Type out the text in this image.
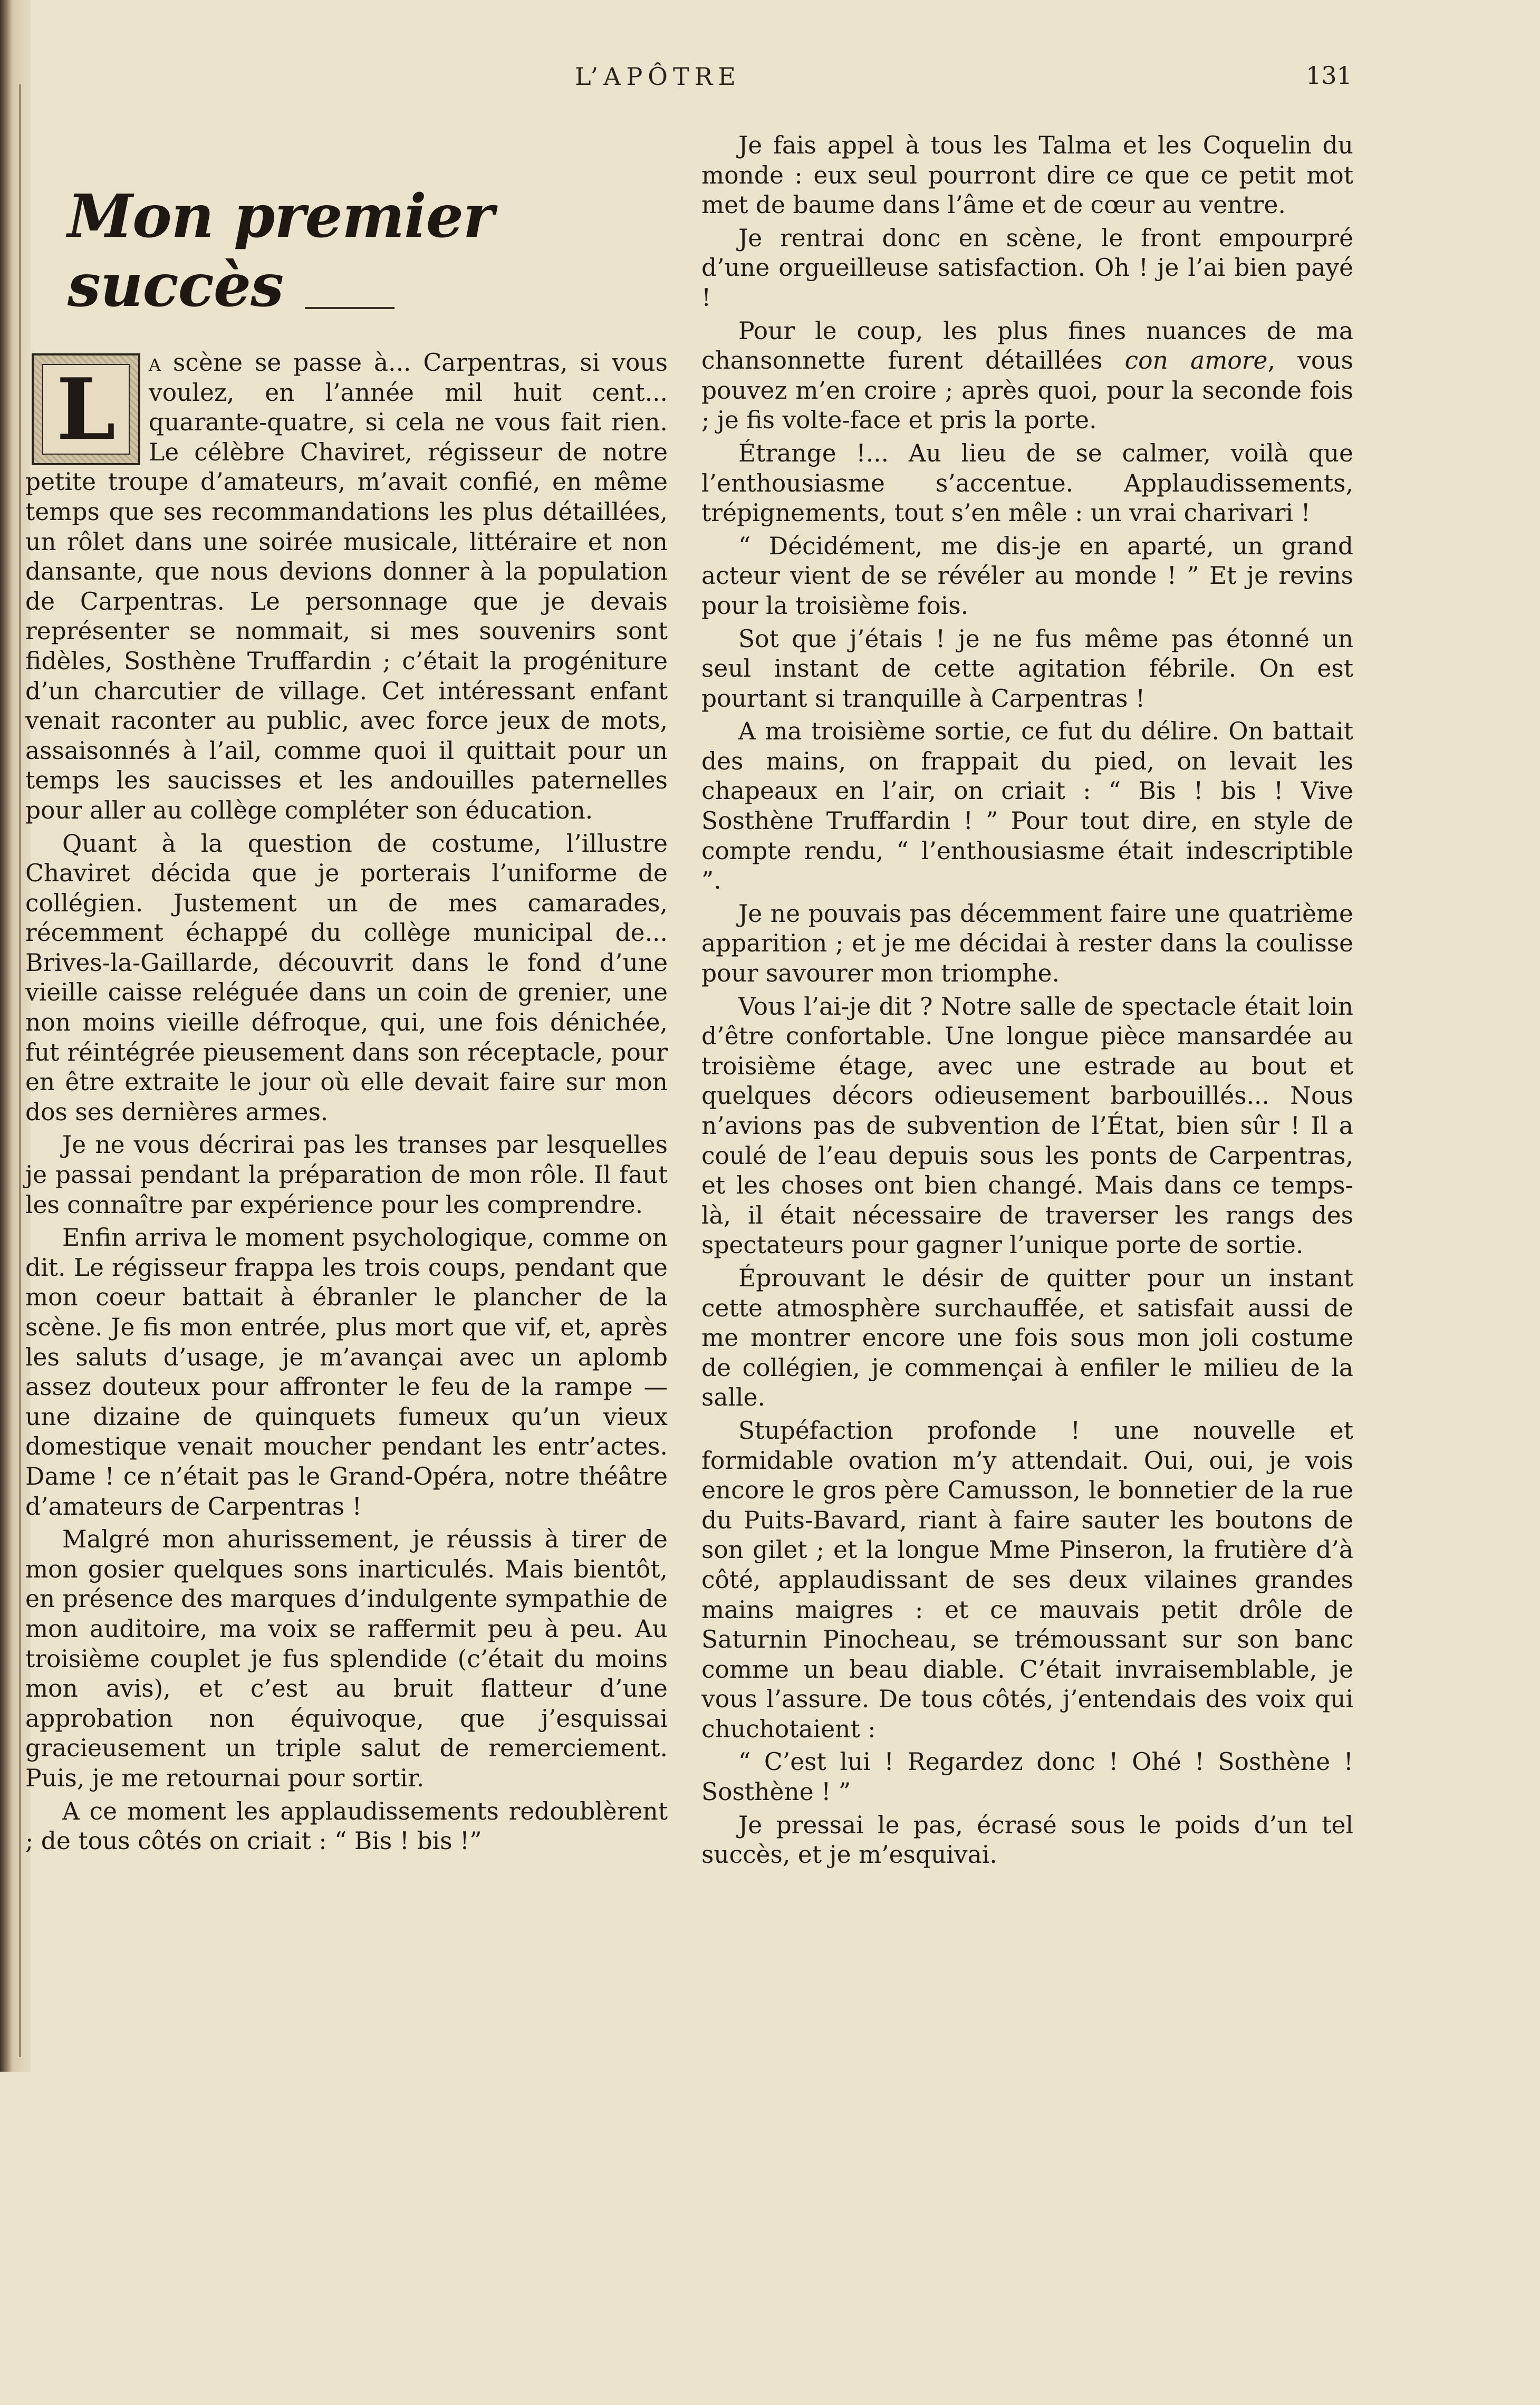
L’APÔTRE	131
Mon premier succès

L a scène se passe à... Carpentras, si vous voulez, en l’année mil huit cent... quarante-quatre, si cela ne vous fait rien. Le célèbre Chaviret, régisseur de notre petite troupe d’amateurs, m’avait confié, en même temps que ses recommandations les plus détaillées, un rôlet dans une soirée musicale, littéraire et non dansante, que nous devions donner à la population de Carpentras. Le personnage que je devais représenter se nommait, si mes souvenirs sont fidèles, Sosthène Truffardin ; c’était la progéniture d’un charcutier de village. Cet intéressant enfant venait raconter au public, avec force jeux de mots, assaisonnés à l’ail, comme quoi il quittait pour un temps les saucisses et les andouilles paternelles pour aller au collège compléter son éducation.

Quant à la question de costume, l’illustre Chaviret décida que je porterais l’uniforme de collégien. Justement un de mes camarades, récemment échappé du collège municipal de... Brives-la-Gaillarde, découvrit dans le fond d’une vieille caisse reléguée dans un coin de grenier, une non moins vieille défroque, qui, une fois dénichée, fut réintégrée pieusement dans son réceptacle, pour en être extraite le jour où elle devait faire sur mon dos ses dernières armes.

Je ne vous décrirai pas les transes par lesquelles je passai pendant la préparation de mon rôle. Il faut les connaître par expérience pour les comprendre.

Enfin arriva le moment psychologique, comme on dit. Le régisseur frappa les trois coups, pendant que mon coeur battait à ébranler le plancher de la scène. Je fis mon entrée, plus mort que vif, et, après les saluts d’usage, je m’avançai avec un aplomb assez douteux pour affronter le feu de la rampe — une dizaine de quinquets fumeux qu’un vieux domestique venait moucher pendant les entr’actes. Dame ! ce n’était pas le Grand-Opéra, notre théâtre d’amateurs de Carpentras !

Malgré mon ahurissement, je réussis à tirer de mon gosier quelques sons inarticulés. Mais bientôt, en présence des marques d’indulgente sympathie de mon auditoire, ma voix se raffermit peu à peu. Au troisième couplet je fus splendide (c’était du moins mon avis), et c’est au bruit flatteur d’une approbation non équivoque, que j’esquissai gracieusement un triple salut de remerciement. Puis, je me retournai pour sortir.

A ce moment les applaudissements redoublèrent ; de tous côtés on criait : “ Bis ! bis !”

Je fais appel à tous les Talma et les Coquelin du monde : eux seul pourront dire ce que ce petit mot met de baume dans l’âme et de cœur au ventre.

Je rentrai donc en scène, le front empourpré d’une orgueilleuse satisfaction. Oh ! je l’ai bien payé !

Pour le coup, les plus fines nuances de ma chansonnette furent détaillées con amore, vous pouvez m’en croire ; après quoi, pour la seconde fois ; je fis volte-face et pris la porte.

Étrange !... Au lieu de se calmer, voilà que l’enthousiasme s’accentue. Applaudissements, trépignements, tout s’en mêle : un vrai charivari !

“ Décidément, me dis-je en aparté, un grand acteur vient de se révéler au monde ! ” Et je revins pour la troisième fois.

Sot que j’étais ! je ne fus même pas étonné un seul instant de cette agitation fébrile. On est pourtant si tranquille à Carpentras !

A ma troisième sortie, ce fut du délire. On battait des mains, on frappait du pied, on levait les chapeaux en l’air, on criait : “ Bis ! bis ! Vive Sosthène Truffardin ! ” Pour tout dire, en style de compte rendu, “ l’enthousiasme était indescriptible ”.

Je ne pouvais pas décemment faire une quatrième apparition ; et je me décidai à rester dans la coulisse pour savourer mon triomphe.

Vous l’ai-je dit ? Notre salle de spectacle était loin d’être confortable. Une longue pièce mansardée au troisième étage, avec une estrade au bout et quelques décors odieusement barbouillés... Nous n’avions pas de subvention de l’État, bien sûr ! Il a coulé de l’eau depuis sous les ponts de Carpentras, et les choses ont bien changé. Mais dans ce temps-là, il était nécessaire de traverser les rangs des spectateurs pour gagner l’unique porte de sortie.

Éprouvant le désir de quitter pour un instant cette atmosphère surchauffée, et satisfait aussi de me montrer encore une fois sous mon joli costume de collégien, je commençai à enfiler le milieu de la salle.

Stupéfaction profonde ! une nouvelle et formidable ovation m’y attendait. Oui, oui, je vois encore le gros père Camusson, le bonnetier de la rue du Puits-Bavard, riant à faire sauter les boutons de son gilet ; et la longue Mme Pinseron, la frutière d’à côté, applaudissant de ses deux vilaines grandes mains maigres : et ce mauvais petit drôle de Saturnin Pinocheau, se trémoussant sur son banc comme un beau diable. C’était invraisemblable, je vous l’assure. De tous côtés, j’entendais des voix qui chuchotaient :

“ C’est lui ! Regardez donc ! Ohé ! Sosthène ! Sosthène ! ”

Je pressai le pas, écrasé sous le poids d’un tel succès, et je m’esquivai.
